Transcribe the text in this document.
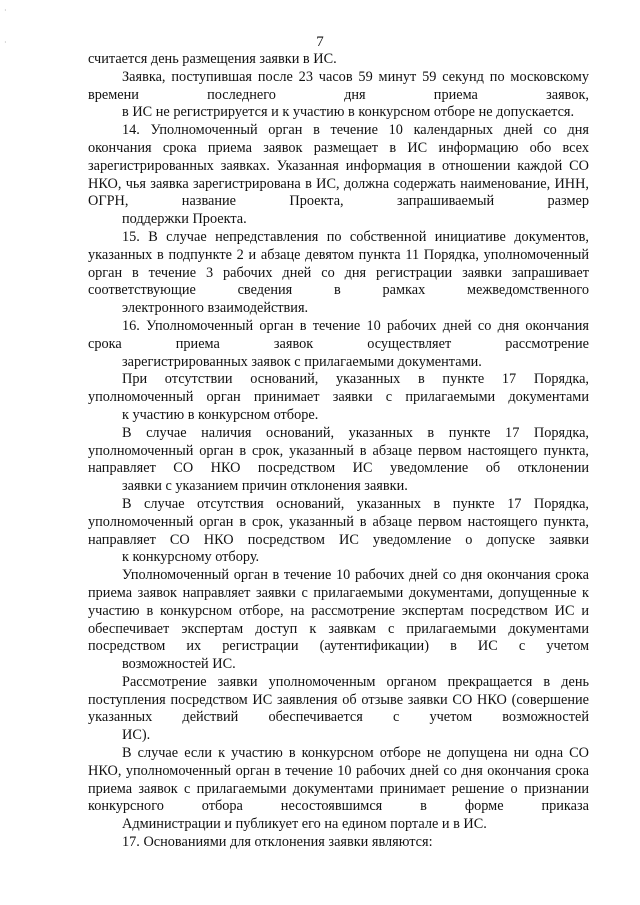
·
·	7

считается день размещения заявки в ИС.

Заявка, поступившая после 23 часов 59 минут 59 секунд по московскому времени последнего дня приема заявок,
в ИС не регистрируется и к участию в конкурсном отборе не допускается.

14. Уполномоченный орган в течение 10 календарных дней со дня окончания срока приема заявок размещает в ИС информацию обо всех зарегистрированных заявках. Указанная информация в отношении каждой СО НКО, чья заявка зарегистрирована в ИС, должна содержать наименование, ИНН, ОГРН, название Проекта, запрашиваемый размер
поддержки Проекта.

15. В случае непредставления по собственной инициативе документов, указанных в подпункте 2 и абзаце девятом пункта 11 Порядка, уполномоченный орган в течение 3 рабочих дней со дня регистрации заявки запрашивает соответствующие сведения в рамках межведомственного
электронного взаимодействия.

16. Уполномоченный орган в течение 10 рабочих дней со дня окончания срока приема заявок осуществляет рассмотрение
зарегистрированных заявок с прилагаемыми документами.

При отсутствии оснований, указанных в пункте 17 Порядка, уполномоченный орган принимает заявки с прилагаемыми документами
к участию в конкурсном отборе.

В случае наличия оснований, указанных в пункте 17 Порядка, уполномоченный орган в срок, указанный в абзаце первом настоящего пункта, направляет СО НКО посредством ИС уведомление об отклонении
заявки с указанием причин отклонения заявки.

В случае отсутствия оснований, указанных в пункте 17 Порядка, уполномоченный орган в срок, указанный в абзаце первом настоящего пункта, направляет СО НКО посредством ИС уведомление о допуске заявки
к конкурсному отбору.

Уполномоченный орган в течение 10 рабочих дней со дня окончания срока приема заявок направляет заявки с прилагаемыми документами, допущенные к участию в конкурсном отборе, на рассмотрение экспертам посредством ИС и обеспечивает экспертам доступ к заявкам с прилагаемыми документами посредством их регистрации (аутентификации) в ИС с учетом
возможностей ИС.

Рассмотрение заявки уполномоченным органом прекращается в день поступления посредством ИС заявления об отзыве заявки СО НКО (совершение указанных действий обеспечивается с учетом возможностей
ИС).

В случае если к участию в конкурсном отборе не допущена ни одна СО НКО, уполномоченный орган в течение 10 рабочих дней со дня окончания срока приема заявок с прилагаемыми документами принимает решение о признании конкурсного отбора несостоявшимся в форме приказа
Администрации и публикует его на едином портале и в ИС.

17. Основаниями для отклонения заявки являются:
